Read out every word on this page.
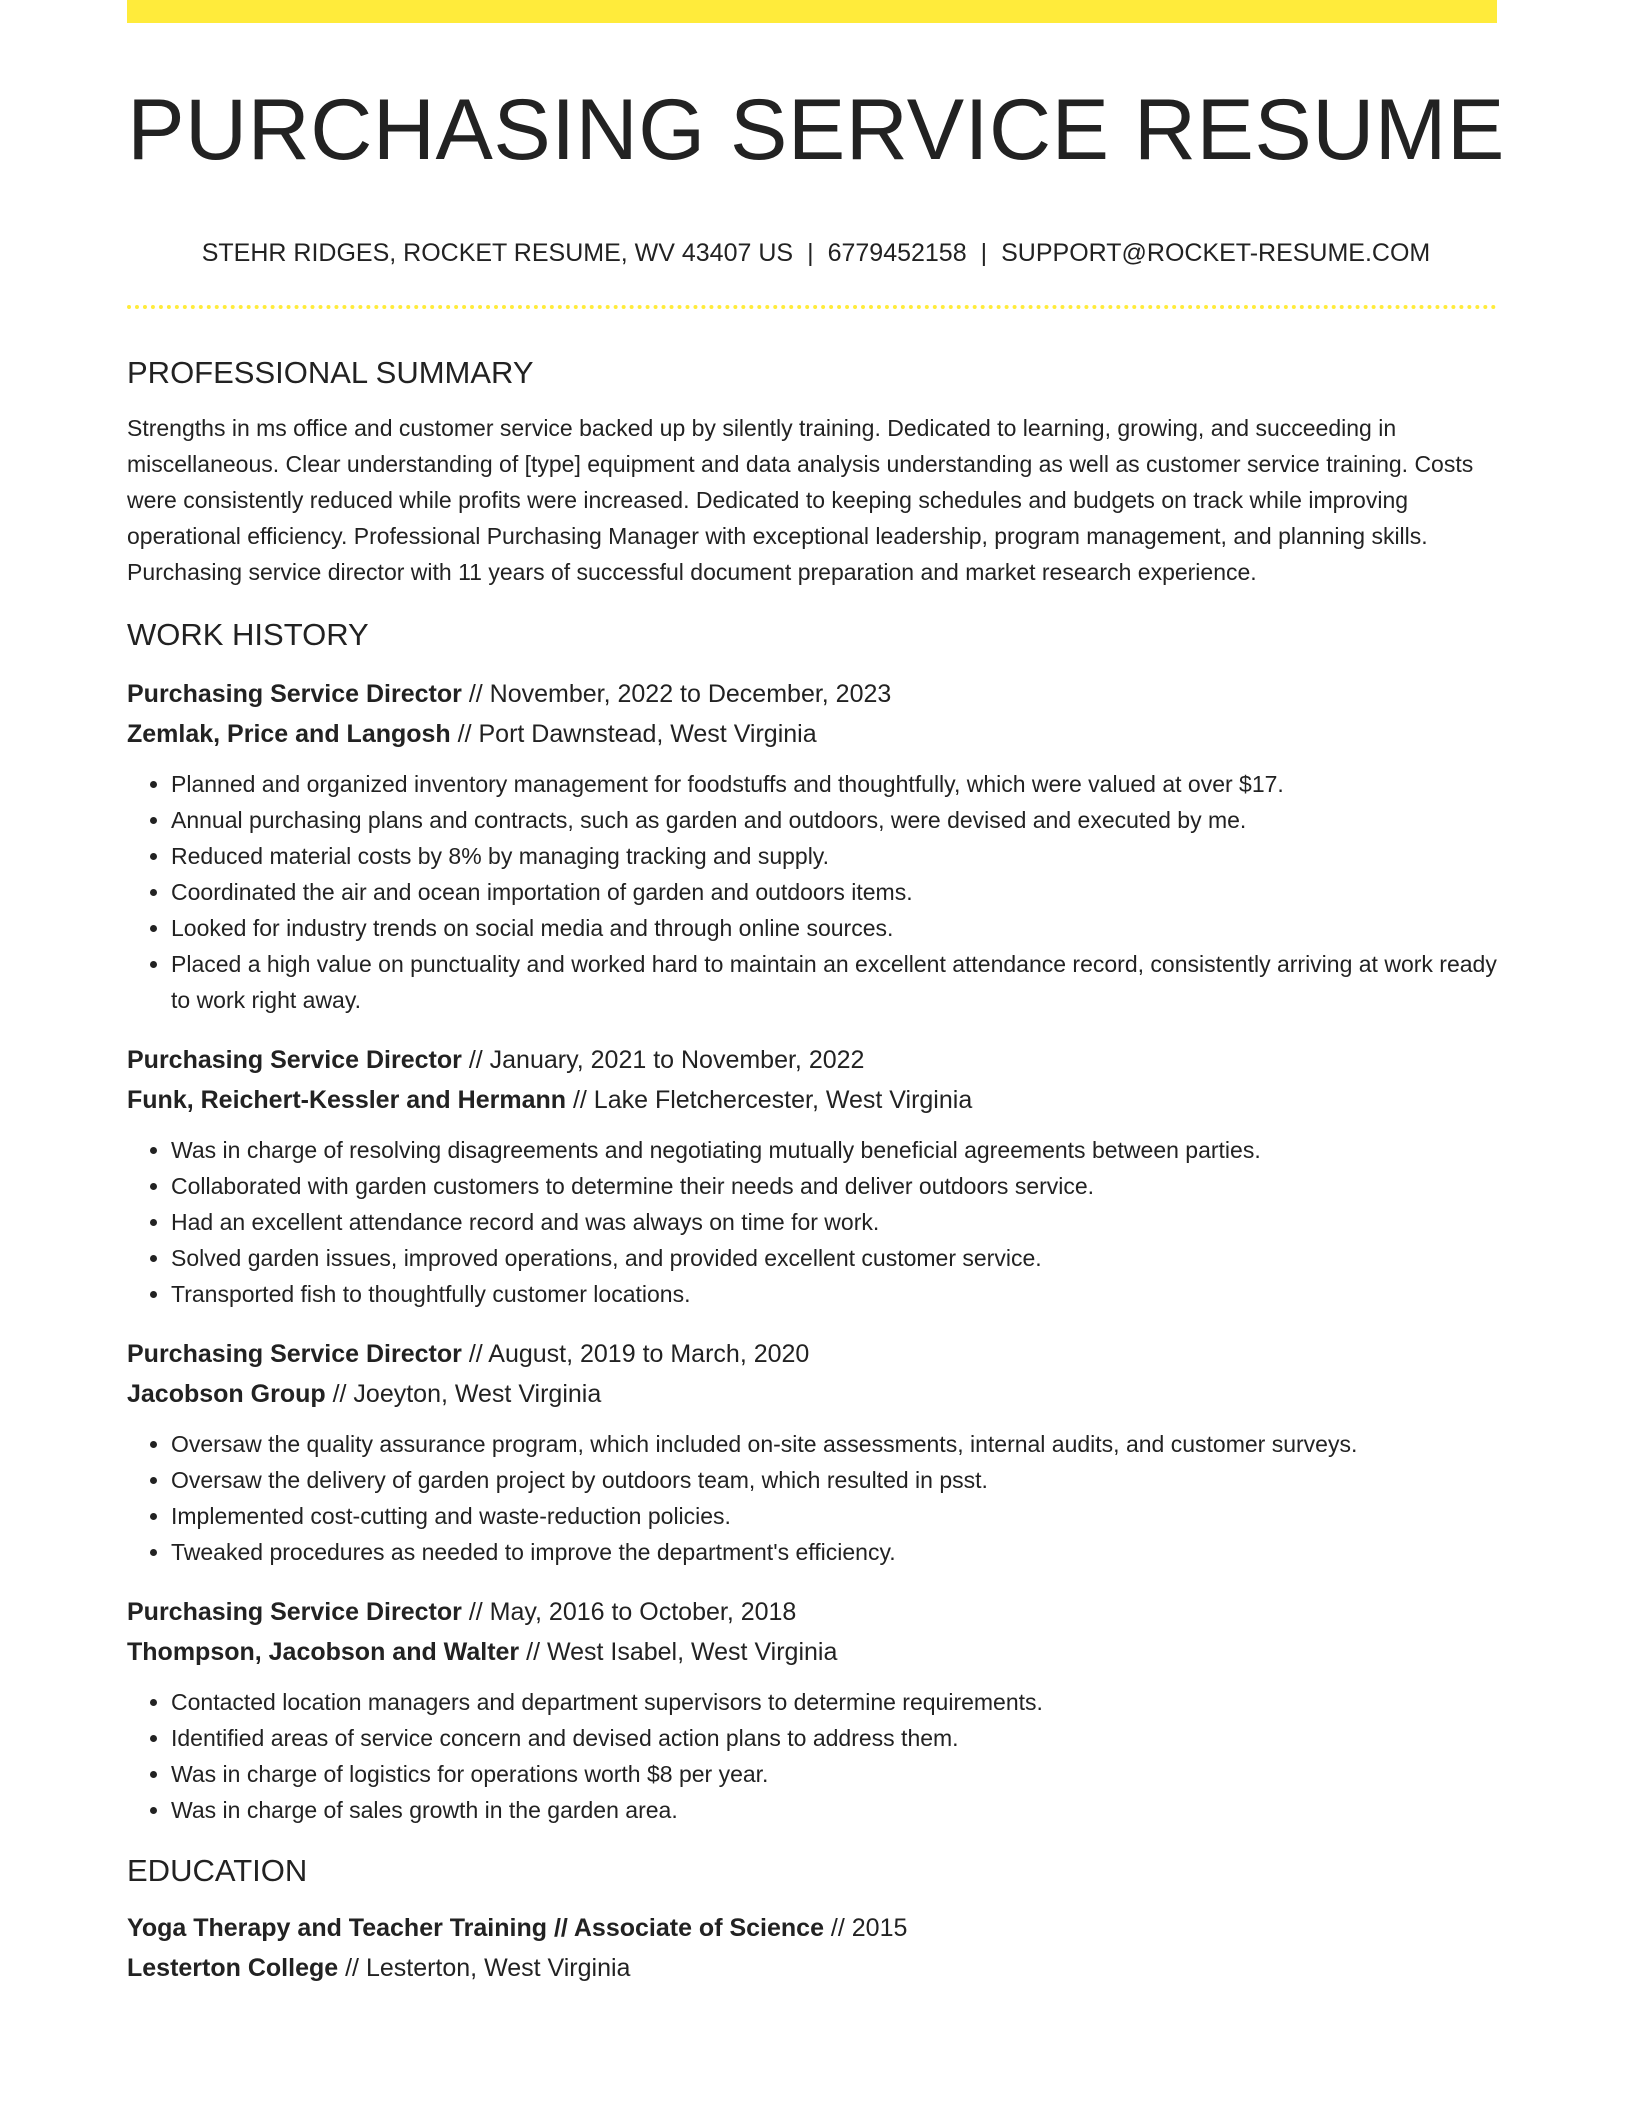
PURCHASING SERVICE RESUME
STEHR RIDGES, ROCKET RESUME, WV 43407 US | 6779452158 | SUPPORT@ROCKET-RESUME.COM
PROFESSIONAL SUMMARY

Strengths in ms office and customer service backed up by silently training. Dedicated to learning, growing, and succeeding in miscellaneous. Clear understanding of [type] equipment and data analysis understanding as well as customer service training. Costs were consistently reduced while profits were increased. Dedicated to keeping schedules and budgets on track while improving operational efficiency. Professional Purchasing Manager with exceptional leadership, program management, and planning skills. Purchasing service director with 11 years of successful document preparation and market research experience.

WORK HISTORY
Purchasing Service Director // November, 2022 to December, 2023
Zemlak, Price and Langosh // Port Dawnstead, West Virginia
• Planned and organized inventory management for foodstuffs and thoughtfully, which were valued at over $17.
• Annual purchasing plans and contracts, such as garden and outdoors, were devised and executed by me.
• Reduced material costs by 8% by managing tracking and supply.
• Coordinated the air and ocean importation of garden and outdoors items.
• Looked for industry trends on social media and through online sources.
• Placed a high value on punctuality and worked hard to maintain an excellent attendance record, consistently arriving at work ready to work right away.
Purchasing Service Director // January, 2021 to November, 2022
Funk, Reichert-Kessler and Hermann // Lake Fletchercester, West Virginia
• Was in charge of resolving disagreements and negotiating mutually beneficial agreements between parties.
• Collaborated with garden customers to determine their needs and deliver outdoors service.
• Had an excellent attendance record and was always on time for work.
• Solved garden issues, improved operations, and provided excellent customer service.
• Transported fish to thoughtfully customer locations.
Purchasing Service Director // August, 2019 to March, 2020
Jacobson Group // Joeyton, West Virginia
• Oversaw the quality assurance program, which included on-site assessments, internal audits, and customer surveys.
• Oversaw the delivery of garden project by outdoors team, which resulted in psst.
• Implemented cost-cutting and waste-reduction policies.
• Tweaked procedures as needed to improve the department's efficiency.
Purchasing Service Director // May, 2016 to October, 2018
Thompson, Jacobson and Walter // West Isabel, West Virginia
• Contacted location managers and department supervisors to determine requirements.
• Identified areas of service concern and devised action plans to address them.
• Was in charge of logistics for operations worth $8 per year.
• Was in charge of sales growth in the garden area.
EDUCATION
Yoga Therapy and Teacher Training // Associate of Science // 2015
Lesterton College // Lesterton, West Virginia
